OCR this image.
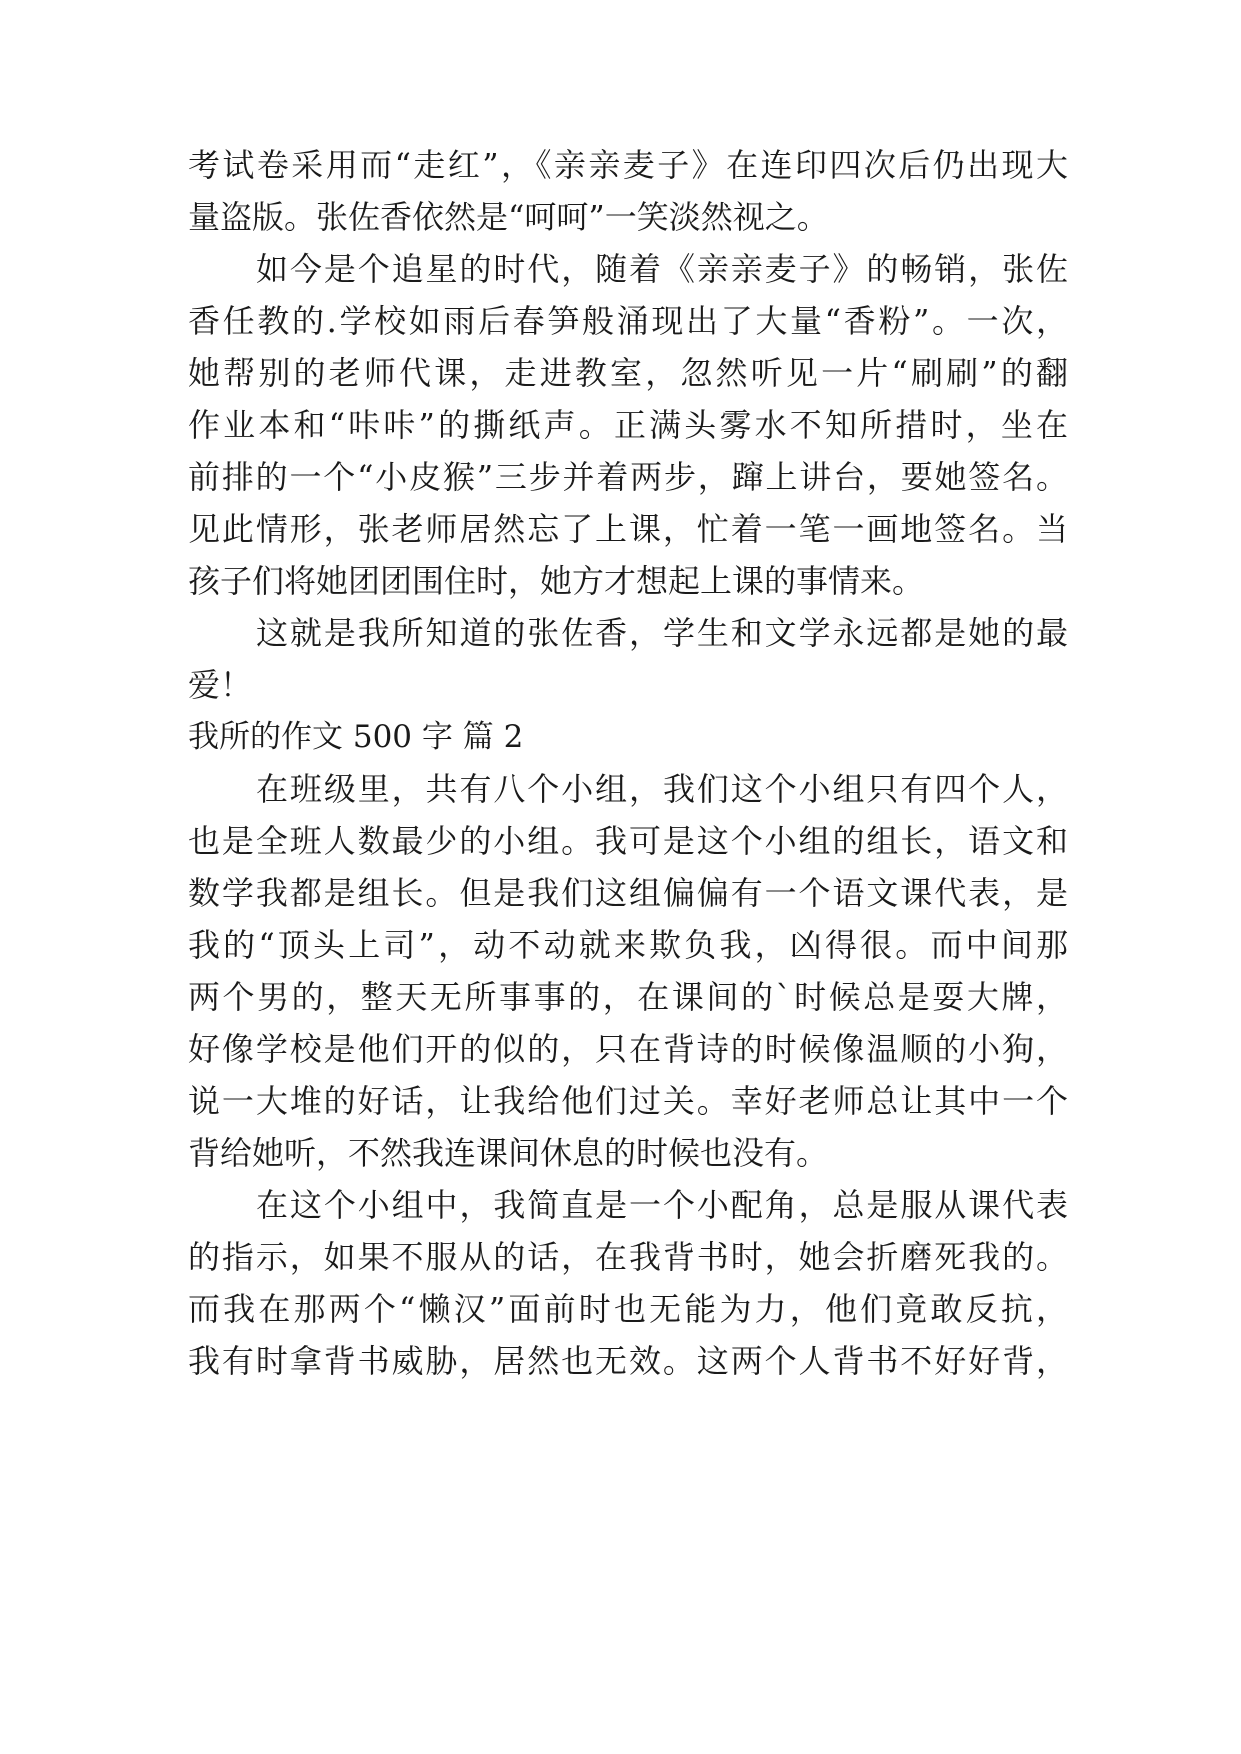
考试卷采用而“走红”，《亲亲麦子》在连印四次后仍出现大
量盗版。张佐香依然是“呵呵”一笑淡然视之。
如今是个追星的时代，随着《亲亲麦子》的畅销，张佐
香任教的.学校如雨后春笋般涌现出了大量“香粉”。一次，
她帮别的老师代课，走进教室，忽然听见一片“刷刷”的翻
作业本和“咔咔”的撕纸声。正满头雾水不知所措时，坐在
前排的一个“小皮猴”三步并着两步，蹿上讲台，要她签名。
见此情形，张老师居然忘了上课，忙着一笔一画地签名。当
孩子们将她团团围住时，她方才想起上课的事情来。
这就是我所知道的张佐香，学生和文学永远都是她的最
爱！
我所的作文 500 字 篇 2
在班级里，共有八个小组，我们这个小组只有四个人，
也是全班人数最少的小组。我可是这个小组的组长，语文和
数学我都是组长。但是我们这组偏偏有一个语文课代表，是
我的“顶头上司”，动不动就来欺负我，凶得很。而中间那
两个男的，整天无所事事的，在课间的`时候总是耍大牌，
好像学校是他们开的似的，只在背诗的时候像温顺的小狗，
说一大堆的好话，让我给他们过关。幸好老师总让其中一个
背给她听，不然我连课间休息的时候也没有。
在这个小组中，我简直是一个小配角，总是服从课代表
的指示，如果不服从的话，在我背书时，她会折磨死我的。
而我在那两个“懒汉”面前时也无能为力，他们竟敢反抗，
我有时拿背书威胁，居然也无效。这两个人背书不好好背，
